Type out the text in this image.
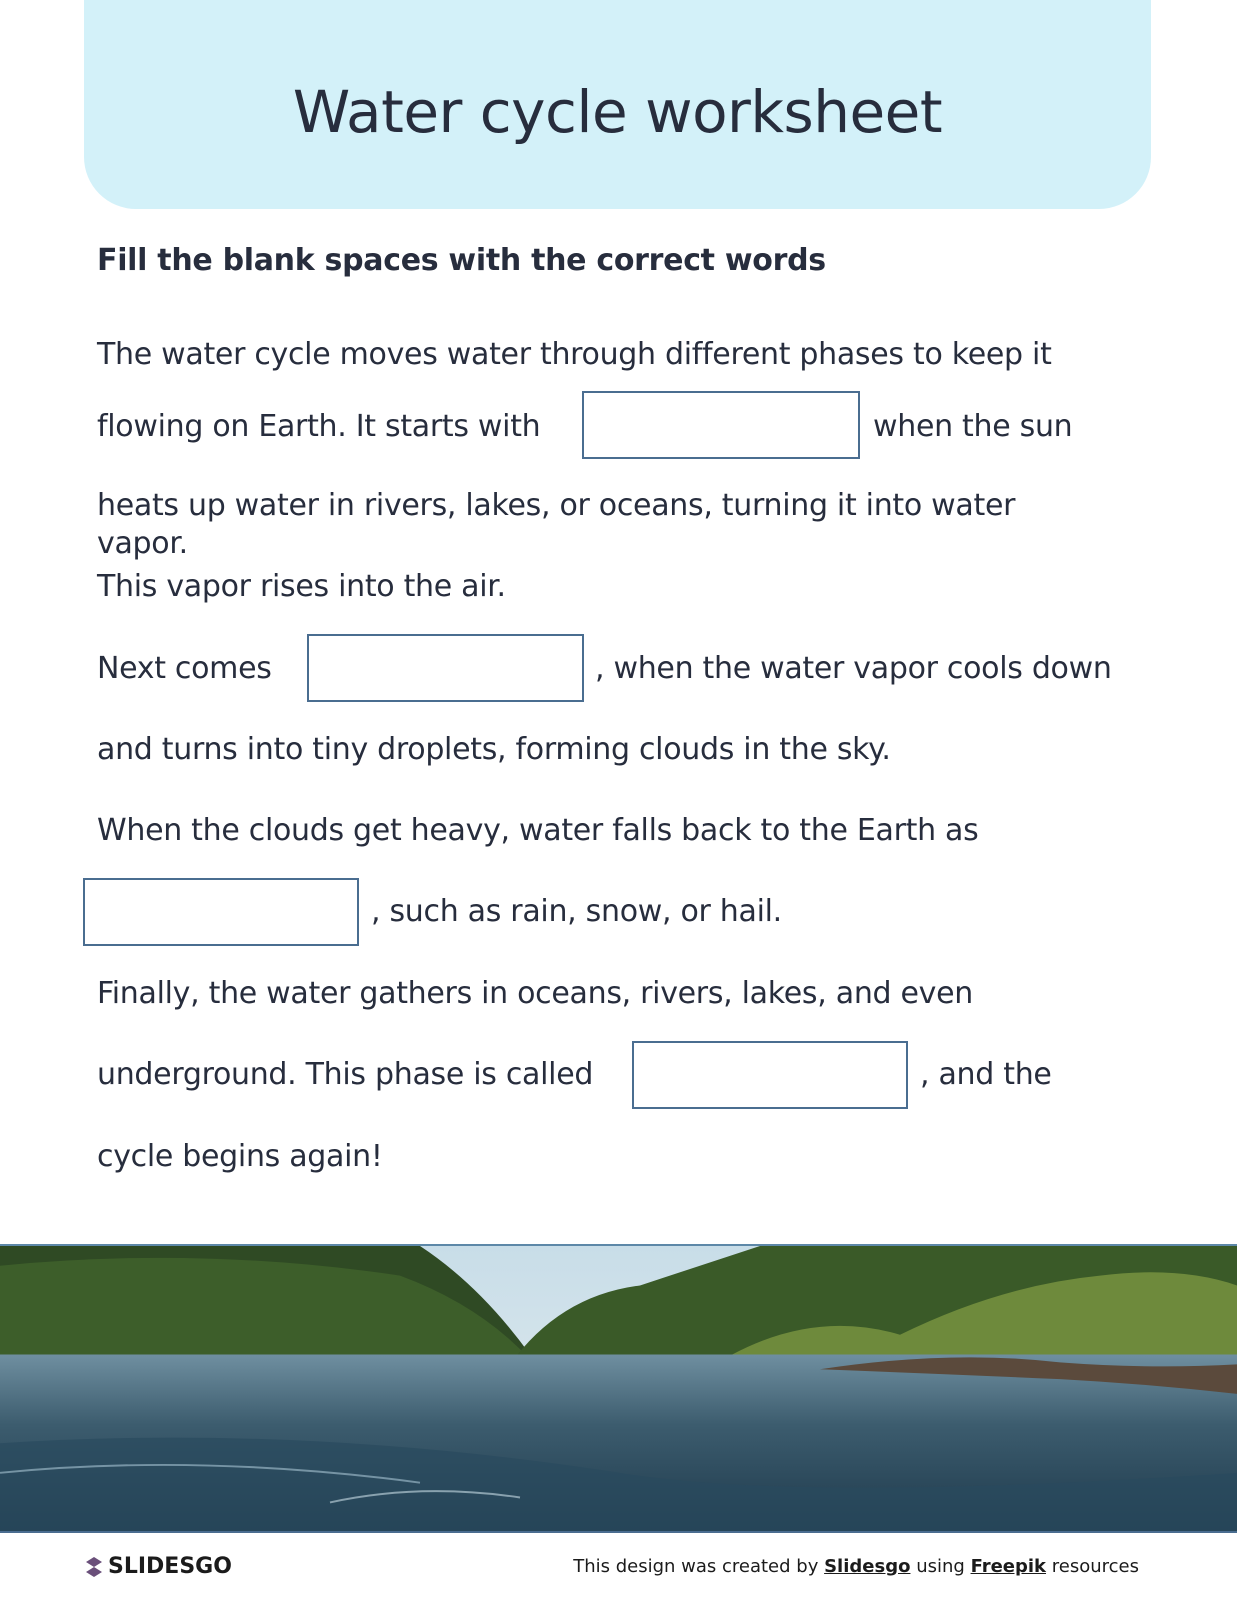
Water cycle worksheet
Fill the blank spaces with the correct words
The water cycle moves water through different phases to keep it
flowing on Earth. It starts with	when the sun
heats up water in rivers, lakes, or oceans, turning it into water
vapor.
This vapor rises into the air.
Next comes	, when the water vapor cools down
and turns into tiny droplets, forming clouds in the sky.
When the clouds get heavy, water falls back to the Earth as
, such as rain, snow, or hail.
Finally, the water gathers in oceans, rivers, lakes, and even
underground. This phase is called	, and the
cycle begins again!
SLIDESGO	This design was created by Slidesgo using Freepik resources
